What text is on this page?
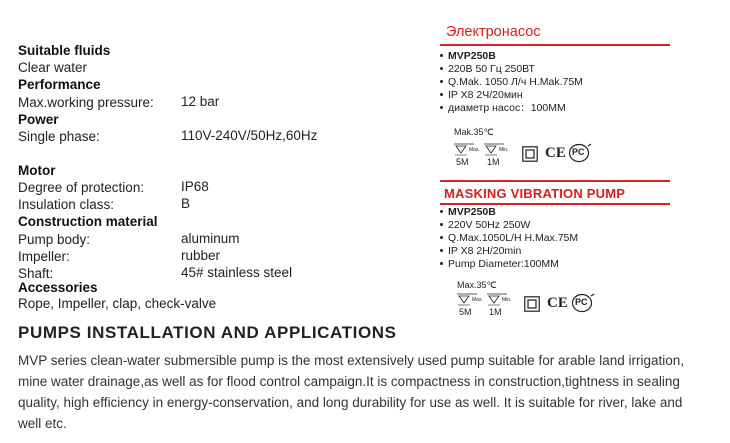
Suitable fluids
Clear water
Performance
Max.working pressure: 12 bar
Power
Single phase:	110V-240V/50Hz,60Hz
Motor
Degree of protection:	IP68
Insulation class:	B
Construction material
Pump body:	aluminum
Impeller:	rubber
Shaft:	45# stainless steel
Accessories
Rope, Impeller, clap, check-valve
PUMPS INSTALLATION AND APPLICATIONS
MVP series clean-water submersible pump is the most extensively used pump suitable for arable land irrigation,
mine water drainage,as well as for flood control campaign.It is compactness in construction,tightness in sealing
quality, high efficiency in energy-conservation, and long durability for use as well. It is suitable for river, lake and
well etc.
Электронасос
MVP250B
220В 50 Гц 250ВТ
Q.Mak. 1050 Л/ч H.Mak.75M
IP X8 2Ч/20мин
диаметр насос：100ММ
Mak.35℃
Max.	Min.
5M 1M
CE PC
MASKING VIBRATION PUMP
MVP250B
220V 50Hz 250W
Q.Max.1050L/H H.Max.75M
IP X8 2H/20min
Pump Diameter:100MM
Max.35℃
Max.	Min.
5M 1M
CE PC
